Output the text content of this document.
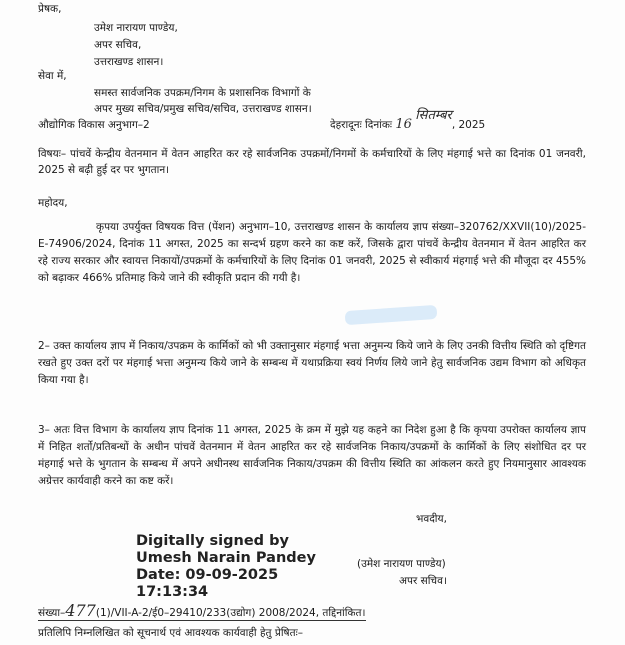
प्रेषक,
उमेश नारायण पाण्डेय,
अपर सचिव,
उत्तराखण्ड शासन।
सेवा में,
समस्त सार्वजनिक उपक्रम/निगम के प्रशासनिक विभागों के
अपर मुख्य सचिव/प्रमुख सचिव/सचिव, उत्तराखण्ड शासन।
औद्योगिक विकास अनुभाग–2	देहरादूनः दिनांकः 16 सितम्बर, 2025
विषयः– पांचवें केन्द्रीय वेतनमान में वेतन आहरित कर रहे सार्वजनिक उपक्रमों/निगमों के कर्मचारियों के लिए मंहगाई भत्ते का दिनांक 01 जनवरी, 2025 से बढ़ी हुई दर पर भुगतान।
महोदय,
कृपया उपर्युक्त विषयक वित्त (पेंशन) अनुभाग–10, उत्तराखण्ड शासन के कार्यालय ज्ञाप संख्या–320762/XXVII(10)/2025-E-74906/2024, दिनांक 11 अगस्त, 2025 का सन्दर्भ ग्रहण करने का कष्ट करें, जिसके द्वारा पांचवें केन्द्रीय वेतनमान में वेतन आहरित कर रहे राज्य सरकार और स्वायत्त निकायों/उपक्रमों के कर्मचारियों के लिए दिनांक 01 जनवरी, 2025 से स्वीकार्य मंहगाई भत्ते की मौजूदा दर 455% को बढ़ाकर 466% प्रतिमाह किये जाने की स्वीकृति प्रदान की गयी है।
2– उक्त कार्यालय ज्ञाप में निकाय/उपक्रम के कार्मिकों को भी उक्तानुसार मंहगाई भत्ता अनुमन्य किये जाने के लिए उनकी वित्तीय स्थिति को दृष्टिगत रखते हुए उक्त दरों पर मंहगाई भत्ता अनुमन्य किये जाने के सम्बन्ध में यथाप्रक्रिया स्वयं निर्णय लिये जाने हेतु सार्वजनिक उद्यम विभाग को अधिकृत किया गया है।
3– अतः वित्त विभाग के कार्यालय ज्ञाप दिनांक 11 अगस्त, 2025 के क्रम में मुझे यह कहने का निदेश हुआ है कि कृपया उपरोक्त कार्यालय ज्ञाप में निहित शर्तो/प्रतिबन्धों के अधीन पांचवें वेतनमान में वेतन आहरित कर रहे सार्वजनिक निकाय/उपक्रमों के कार्मिकों के लिए संशोधित दर पर मंहगाई भत्ते के भुगतान के सम्बन्ध में अपने अधीनस्थ सार्वजनिक निकाय/उपक्रम की वित्तीय स्थिति का आंकलन करते हुए नियमानुसार आवश्यक अग्रेत्तर कार्यवाही करने का कष्ट करें।
भवदीय,
Digitally signed by
Umesh Narain Pandey
Date: 09-09-2025
17:13:34
(उमेश नारायण पाण्डेय)
अपर सचिव।
संख्या–477(1)/VII-A-2/ई0–29410/233(उद्योग) 2008/2024, तद्दिनांकित।
प्रतिलिपि निम्नलिखित को सूचनार्थ एवं आवश्यक कार्यवाही हेतु प्रेषितः–
